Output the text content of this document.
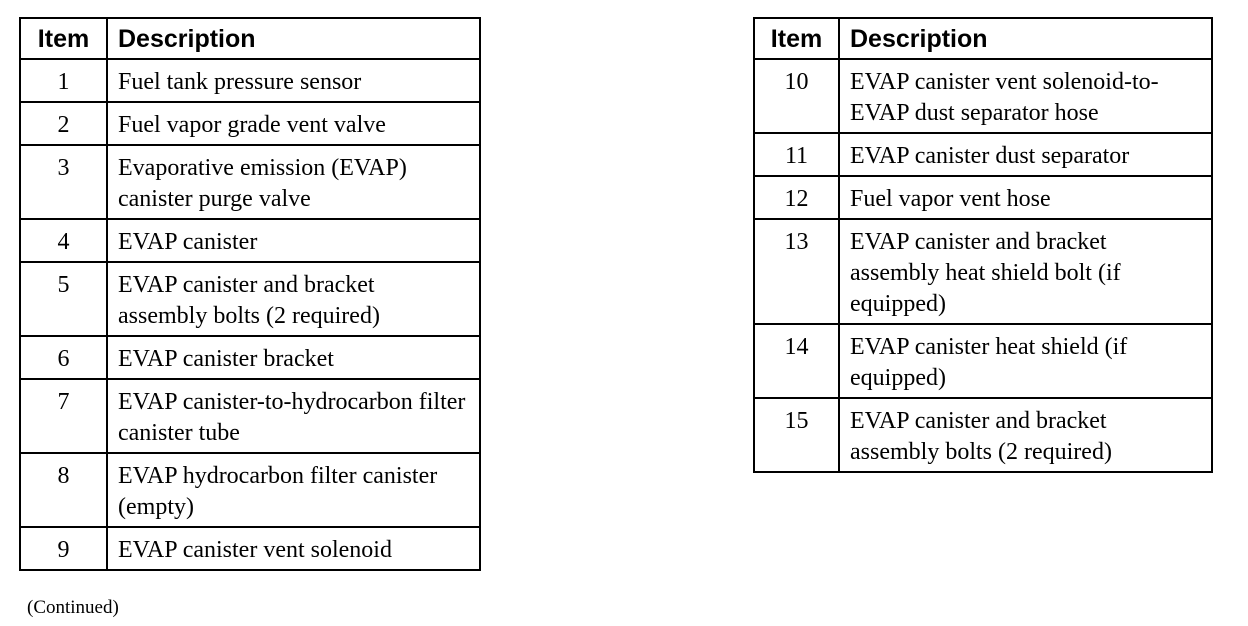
Item	Description
1	Fuel tank pressure sensor
2	Fuel vapor grade vent valve
3	Evaporative emission (EVAP) canister purge valve
4	EVAP canister
5	EVAP canister and bracket assembly bolts (2 required)
6	EVAP canister bracket
7	EVAP canister-to-hydrocarbon filter canister tube
8	EVAP hydrocarbon filter canister (empty)
9	EVAP canister vent solenoid
(Continued)
Item	Description
10	EVAP canister vent solenoid-to-EVAP dust separator hose
11	EVAP canister dust separator
12	Fuel vapor vent hose
13	EVAP canister and bracket assembly heat shield bolt (if equipped)
14	EVAP canister heat shield (if equipped)
15	EVAP canister and bracket assembly bolts (2 required)
